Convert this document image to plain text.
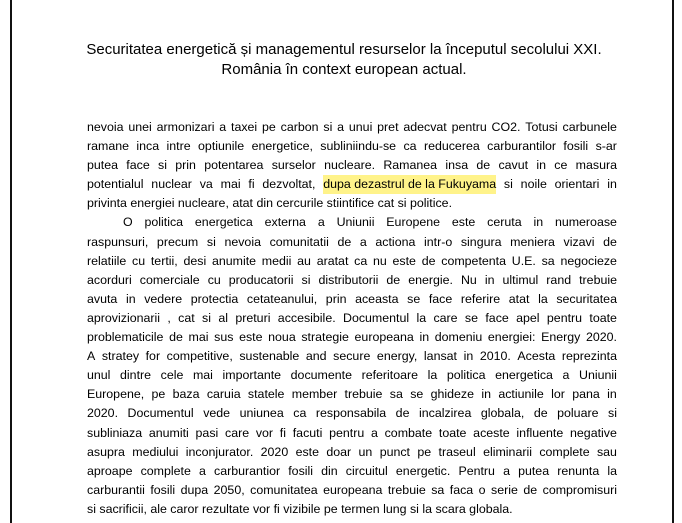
Securitatea energetică și managementul resurselor la începutul secolului XXI.
România în context european actual.
nevoia unei armonizari a taxei pe carbon si a unui pret adecvat pentru CO2. Totusi carbunele
ramane inca intre optiunile energetice, subliniindu-se ca reducerea carburantilor fosili s-ar
putea face si prin potentarea surselor nucleare. Ramanea insa de cavut in ce masura
potentialul nuclear va mai fi dezvoltat, dupa dezastrul de la Fukuyama si noile orientari in
privinta energiei nucleare, atat din cercurile stiintifice cat si politice.
O politica energetica externa a Uniunii Europene este ceruta in numeroase
raspunsuri, precum si nevoia comunitatii de a actiona intr-o singura meniera vizavi de
relatiile cu tertii, desi anumite medii au aratat ca nu este de competenta U.E. sa negocieze
acorduri comerciale cu producatorii si distributorii de energie. Nu in ultimul rand trebuie
avuta in vedere protectia cetateanului, prin aceasta se face referire atat la securitatea
aprovizionarii , cat si al preturi accesibile. Documentul la care se face apel pentru toate
problematicile de mai sus este noua strategie europeana in domeniu energiei: Energy 2020.
A stratey for competitive, sustenable and secure energy, lansat in 2010. Acesta reprezinta
unul dintre cele mai importante documente referitoare la politica energetica a Uniunii
Europene, pe baza caruia statele member trebuie sa se ghideze in actiunile lor pana in
2020. Documentul vede uniunea ca responsabila de incalzirea globala, de poluare si
subliniaza anumiti pasi care vor fi facuti pentru a combate toate aceste influente negative
asupra mediului inconjurator. 2020 este doar un punct pe traseul eliminarii complete sau
aproape complete a carburantior fosili din circuitul energetic. Pentru a putea renunta la
carburantii fosili dupa 2050, comunitatea europeana trebuie sa faca o serie de compromisuri
si sacrificii, ale caror rezultate vor fi vizibile pe termen lung si la scara globala.
